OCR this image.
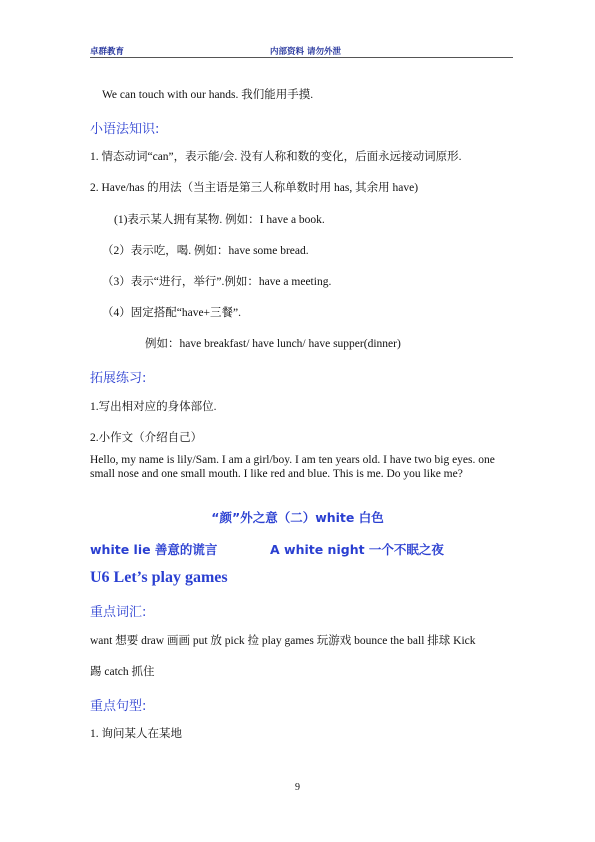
卓群教育	内部资料 请勿外泄
We can touch with our hands. 我们能用手摸.
小语法知识:
1. 情态动词“can”，表示能/会. 没有人称和数的变化，后面永远接动词原形.
2. Have/has 的用法（当主语是第三人称单数时用 has, 其余用 have)
(1)表示某人拥有某物. 例如：I have a book.
（2）表示吃，喝. 例如：have some bread.
（3）表示“进行，举行”.例如：have a meeting.
（4）固定搭配“have+三餐”.
例如：have breakfast/ have lunch/ have supper(dinner)
拓展练习:
1.写出相对应的身体部位.
2.小作文（介绍自己）
Hello, my name is lily/Sam. I am a girl/boy. I am ten years old. I have two big eyes. one small nose and one small mouth. I like red and blue. This is me. Do you like me?
“颜”外之意（二）white 白色
white lie 善意的谎言	A white night 一个不眠之夜
U6 Let’s play games
重点词汇:
want 想要 draw 画画 put 放 pick 捡 play games 玩游戏 bounce the ball 排球 Kick
踢 catch 抓住
重点句型:
1. 询问某人在某地
9
